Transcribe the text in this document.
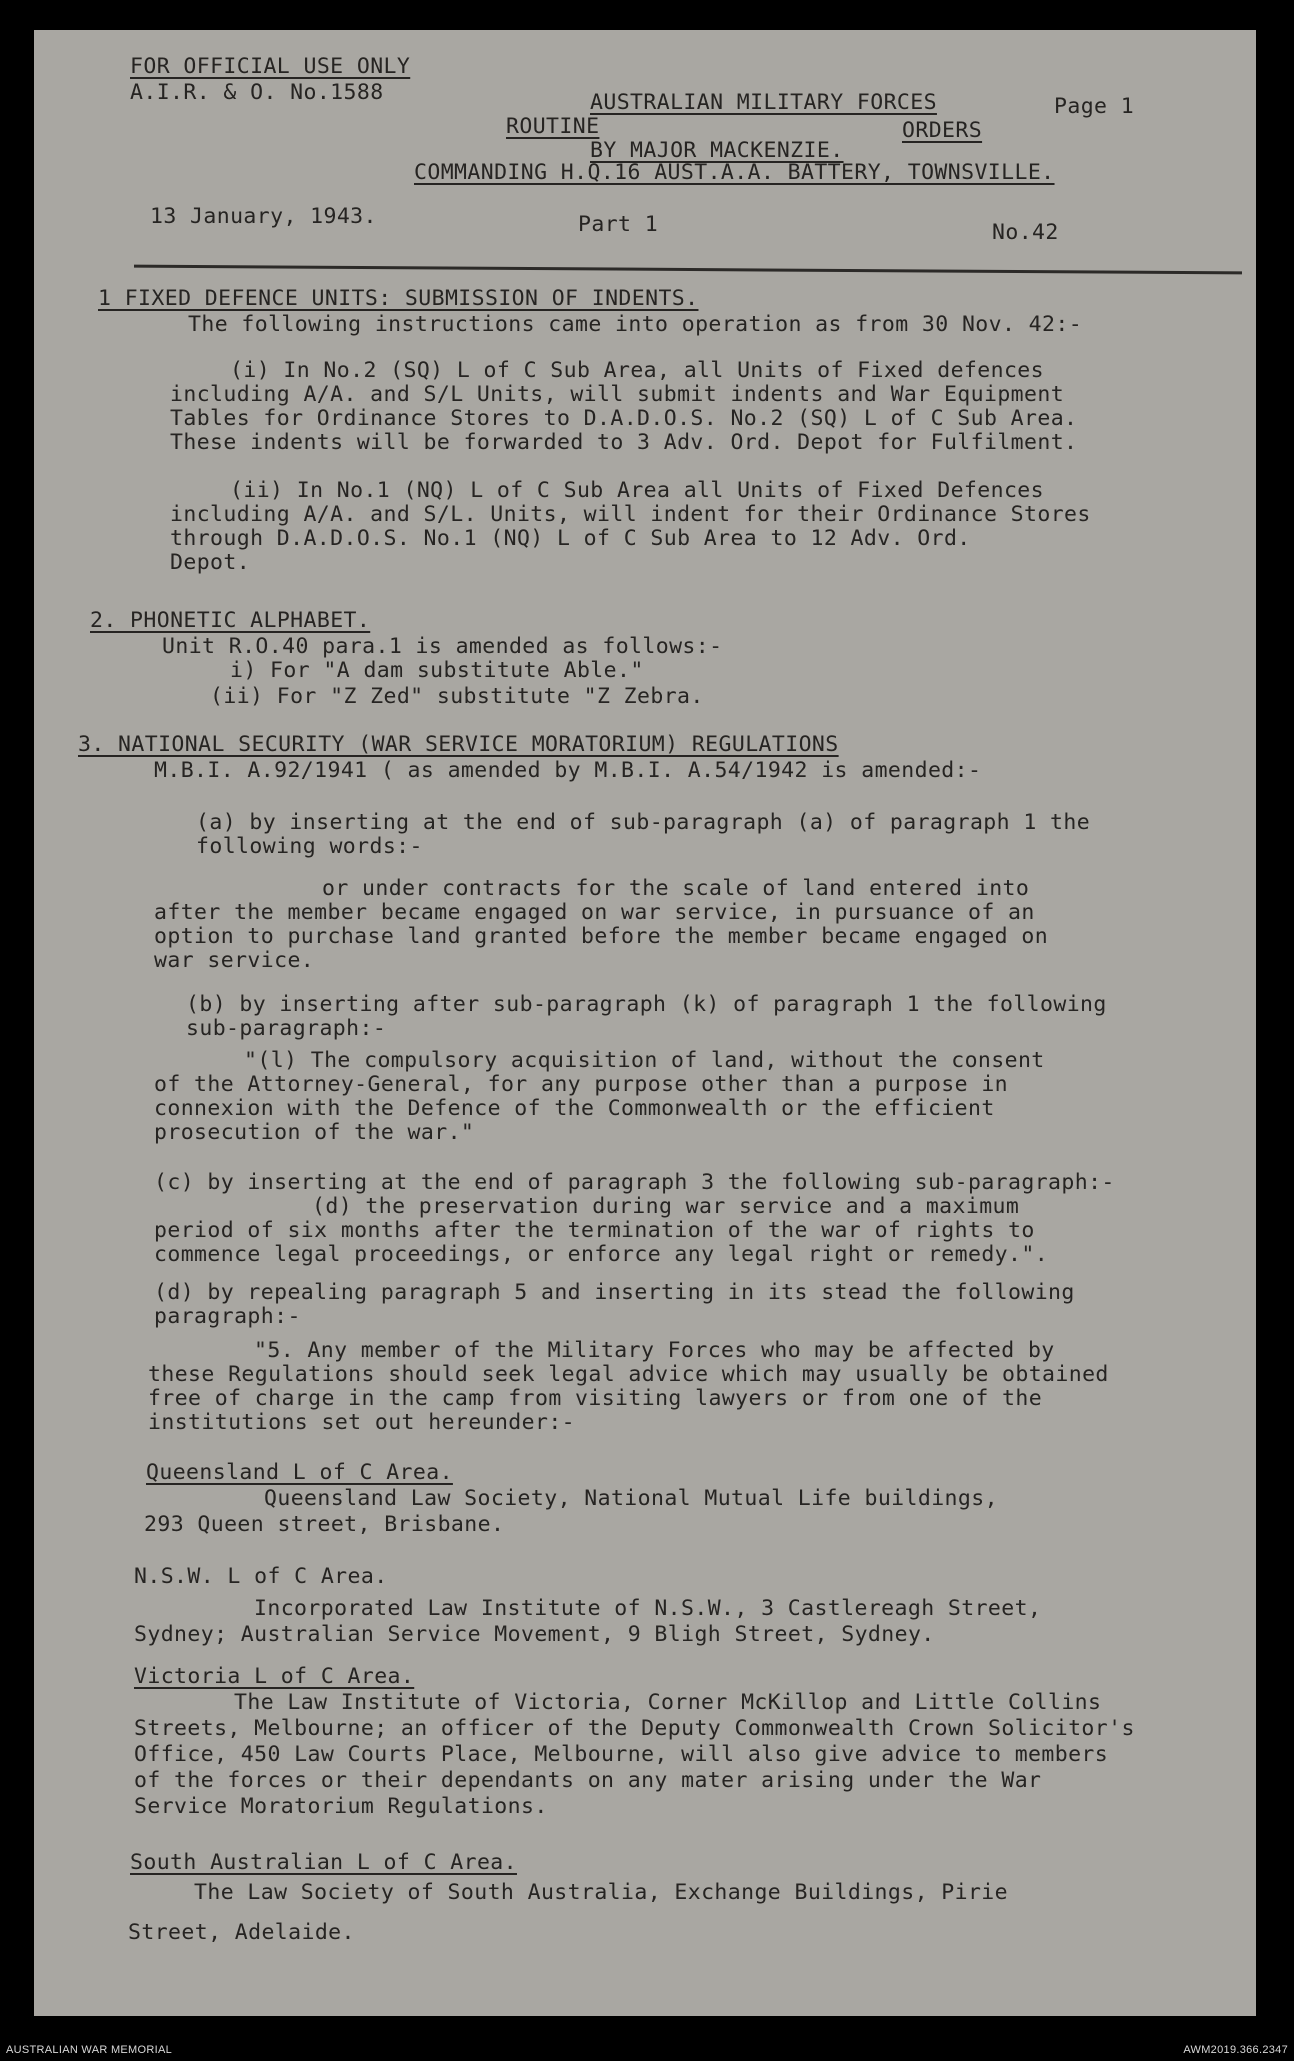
FOR OFFICIAL USE ONLY
A.I.R. & O. No.1588	AUSTRALIAN MILITARY FORCES	Page 1
ROUTINE	ORDERS
BY MAJOR MACKENZIE.
COMMANDING H.Q.16 AUST.A.A. BATTERY, TOWNSVILLE.
13 January, 1943.	Part 1	No.42
1 FIXED DEFENCE UNITS: SUBMISSION OF INDENTS.
The following instructions came into operation as from 30 Nov. 42:-
(i) In No.2 (SQ) L of C Sub Area, all Units of Fixed defences
including A/A. and S/L Units, will submit indents and War Equipment
Tables for Ordinance Stores to D.A.D.O.S. No.2 (SQ) L of C Sub Area.
These indents will be forwarded to 3 Adv. Ord. Depot for Fulfilment.
(ii) In No.1 (NQ) L of C Sub Area all Units of Fixed Defences
including A/A. and S/L. Units, will indent for their Ordinance Stores
through D.A.D.O.S. No.1 (NQ) L of C Sub Area to 12 Adv. Ord.
Depot.
2. PHONETIC ALPHABET.
Unit R.O.40 para.1 is amended as follows:-
i) For "A dam substitute Able."
(ii) For "Z Zed" substitute "Z Zebra.
3. NATIONAL SECURITY (WAR SERVICE MORATORIUM) REGULATIONS
M.B.I. A.92/1941 ( as amended by M.B.I. A.54/1942 is amended:-
(a) by inserting at the end of sub-paragraph (a) of paragraph 1 the
following words:-
or under contracts for the scale of land entered into
after the member became engaged on war service, in pursuance of an
option to purchase land granted before the member became engaged on
war service.
(b) by inserting after sub-paragraph (k) of paragraph 1 the following
sub-paragraph:-
"(l) The compulsory acquisition of land, without the consent
of the Attorney-General, for any purpose other than a purpose in
connexion with the Defence of the Commonwealth or the efficient
prosecution of the war."
(c) by inserting at the end of paragraph 3 the following sub-paragraph:-
(d) the preservation during war service and a maximum
period of six months after the termination of the war of rights to
commence legal proceedings, or enforce any legal right or remedy.".
(d) by repealing paragraph 5 and inserting in its stead the following
paragraph:-
"5. Any member of the Military Forces who may be affected by
these Regulations should seek legal advice which may usually be obtained
free of charge in the camp from visiting lawyers or from one of the
institutions set out hereunder:-
Queensland L of C Area.
Queensland Law Society, National Mutual Life buildings,
293 Queen street, Brisbane.
N.S.W. L of C Area.
Incorporated Law Institute of N.S.W., 3 Castlereagh Street,
Sydney; Australian Service Movement, 9 Bligh Street, Sydney.
Victoria L of C Area.
The Law Institute of Victoria, Corner McKillop and Little Collins
Streets, Melbourne; an officer of the Deputy Commonwealth Crown Solicitor's
Office, 450 Law Courts Place, Melbourne, will also give advice to members
of the forces or their dependants on any mater arising under the War
Service Moratorium Regulations.
South Australian L of C Area.
The Law Society of South Australia, Exchange Buildings, Pirie
Street, Adelaide.
AUSTRALIAN WAR MEMORIAL	AWM2019.366.2347
